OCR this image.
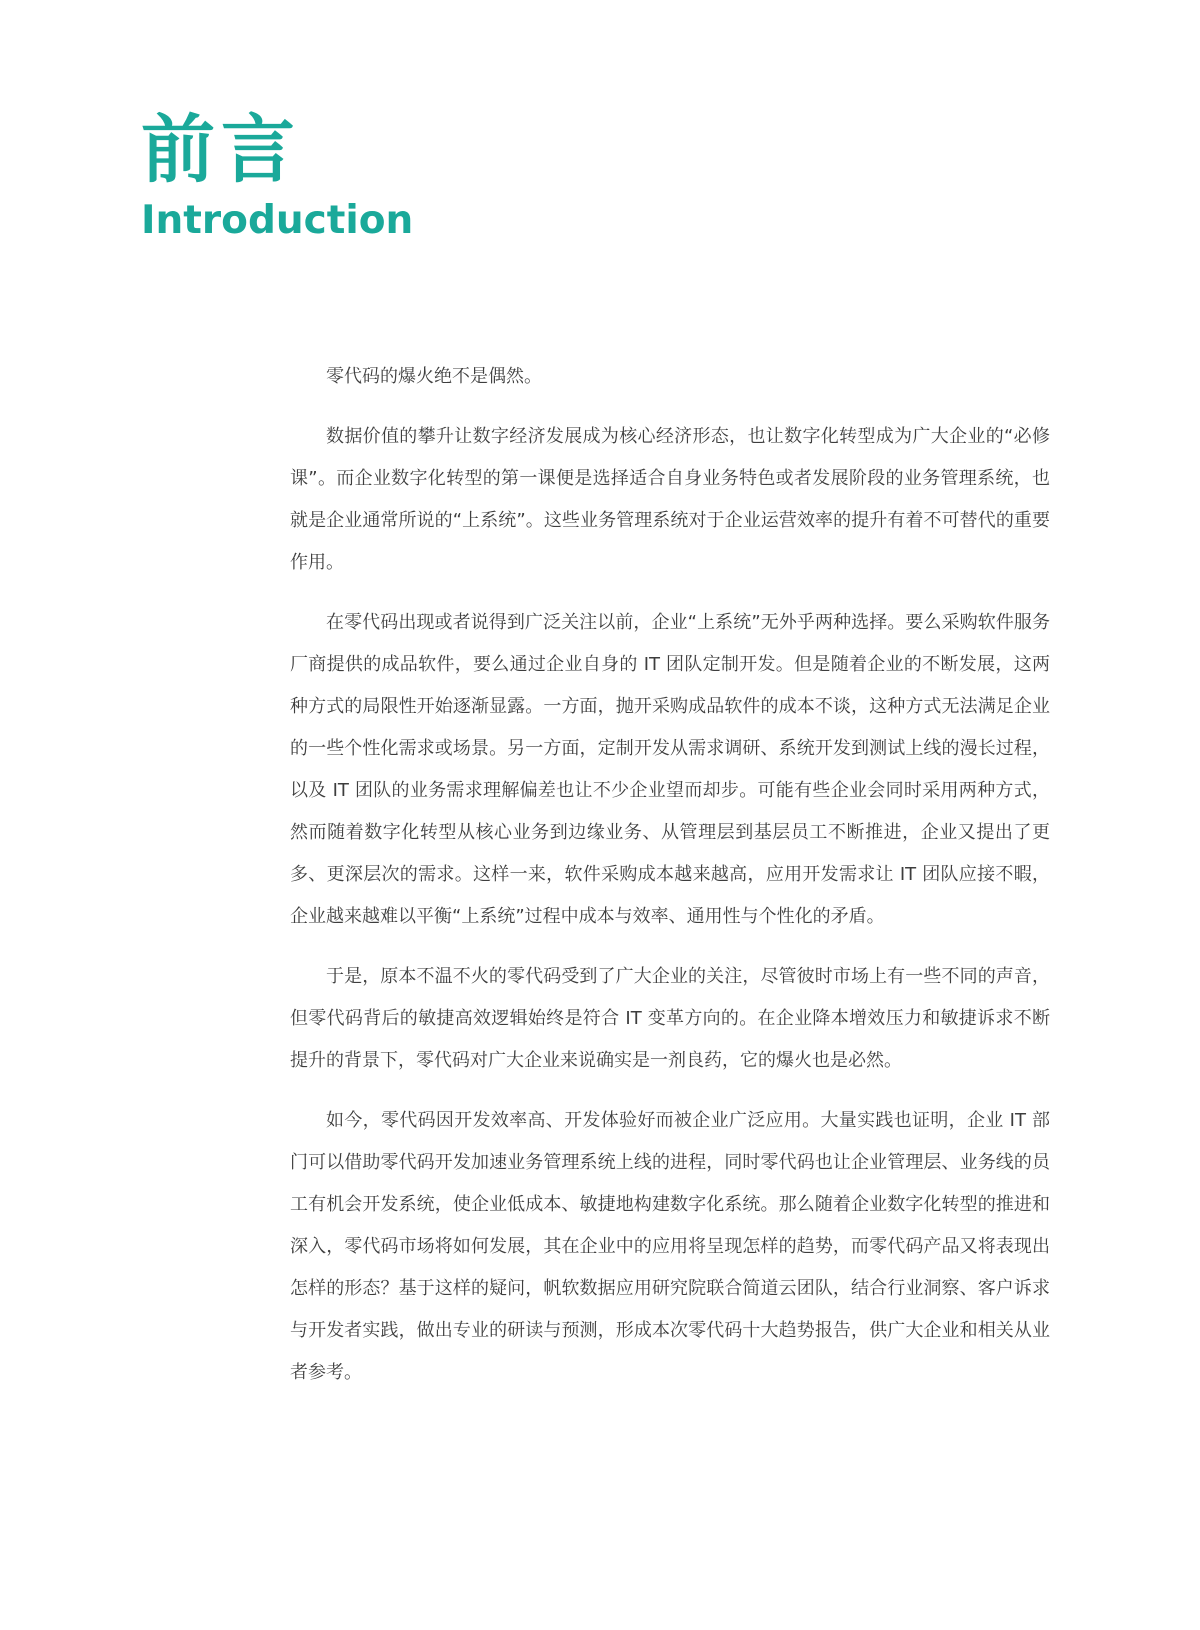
前言
Introduction

零代码的爆火绝不是偶然。

数据价值的攀升让数字经济发展成为核心经济形态，也让数字化转型成为广大企业的“必修课”。而企业数字化转型的第一课便是选择适合自身业务特色或者发展阶段的业务管理系统，也就是企业通常所说的“上系统”。这些业务管理系统对于企业运营效率的提升有着不可替代的重要作用。

在零代码出现或者说得到广泛关注以前，企业“上系统”无外乎两种选择。要么采购软件服务厂商提供的成品软件，要么通过企业自身的 IT 团队定制开发。但是随着企业的不断发展，这两种方式的局限性开始逐渐显露。一方面，抛开采购成品软件的成本不谈，这种方式无法满足企业的一些个性化需求或场景。另一方面，定制开发从需求调研、系统开发到测试上线的漫长过程，以及 IT 团队的业务需求理解偏差也让不少企业望而却步。可能有些企业会同时采用两种方式，然而随着数字化转型从核心业务到边缘业务、从管理层到基层员工不断推进，企业又提出了更多、更深层次的需求。这样一来，软件采购成本越来越高，应用开发需求让 IT 团队应接不暇，企业越来越难以平衡“上系统”过程中成本与效率、通用性与个性化的矛盾。

于是，原本不温不火的零代码受到了广大企业的关注，尽管彼时市场上有一些不同的声音，但零代码背后的敏捷高效逻辑始终是符合 IT 变革方向的。在企业降本增效压力和敏捷诉求不断提升的背景下，零代码对广大企业来说确实是一剂良药，它的爆火也是必然。

如今，零代码因开发效率高、开发体验好而被企业广泛应用。大量实践也证明，企业 IT 部门可以借助零代码开发加速业务管理系统上线的进程，同时零代码也让企业管理层、业务线的员工有机会开发系统，使企业低成本、敏捷地构建数字化系统。那么随着企业数字化转型的推进和深入，零代码市场将如何发展，其在企业中的应用将呈现怎样的趋势，而零代码产品又将表现出怎样的形态？基于这样的疑问，帆软数据应用研究院联合简道云团队，结合行业洞察、客户诉求与开发者实践，做出专业的研读与预测，形成本次零代码十大趋势报告，供广大企业和相关从业者参考。
